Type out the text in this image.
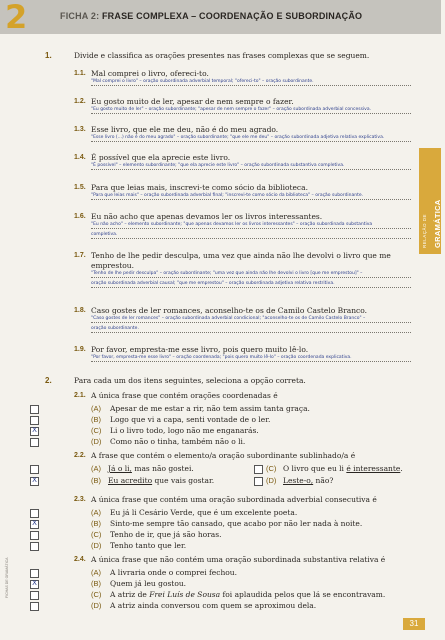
2	FICHA 2: FRASE COMPLEXA – COORDENAÇÃO E SUBORDINAÇÃO
RELAÇÃO DE GRAMÁTICA
FICHAS DE GRAMÁTICA
31
1.	Divide e classifica as orações presentes nas frases complexas que se seguem.
1.1. Mal comprei o livro, ofereci-to.
"Mal comprei o livro" – oração subordinada adverbial temporal; "ofereci-to" – oração subordinante.
1.2. Eu gosto muito de ler, apesar de nem sempre o fazer.
"Eu gosto muito de ler" – oração subordinante; "apesar de nem sempre o fazer" – oração subordinada adverbial concessiva.
1.3. Esse livro, que ele me deu, não é do meu agrado.
"Esse livro (...) não é do meu agrado" – oração subordinante; "que ele me deu" – oração subordinada adjetiva relativa explicativa.
1.4. É possível que ela aprecie este livro.
"É possível" – elemento subordinante; "que ela aprecie este livro" – oração subordinada substantiva completiva.
1.5. Para que leias mais, inscrevi-te como sócio da biblioteca.
"Para que leias mais" – oração subordinada adverbial final; "inscrevi-te como sócio da biblioteca" – oração subordinante.
1.6. Eu não acho que apenas devamos ler os livros interessantes.
"Eu não acho" – elemento subordinante; "que apenas devamos ler os livros interessantes" – oração subordinada substantiva
completiva.
1.7. Tenho de lhe pedir desculpa, uma vez que ainda não lhe devolvi o livro que me
emprestou.
"Tenho de lhe pedir desculpa" – oração subordinante; "uma vez que ainda não lhe devolvi o livro [que me emprestou]" –
oração subordinada adverbial causal; "que me emprestou" – oração subordinada adjetiva relativa restritiva.
1.8. Caso gostes de ler romances, aconselho-te os de Camilo Castelo Branco.
"Caso gostes de ler romances" – oração subordinada adverbial condicional; "aconselho-te os de Camilo Castelo Branco" –
oração subordinante.
1.9. Por favor, empresta-me esse livro, pois quero muito lê-lo.
"Por favor, empresta-me esse livro" – oração coordenada; "pois quero muito lê-lo" – oração coordenada explicativa.
2.	Para cada um dos itens seguintes, seleciona a opção correta.
2.1. A única frase que contém orações coordenadas é
(A) Apesar de me estar a rir, não tem assim tanta graça.
(B) Logo que vi a capa, senti vontade de o ler.
X	(C) Li o livro todo, logo não me enganarás.
(D) Como não o tinha, também não o li.
2.2. A frase que contém o elemento/a oração subordinante sublinhado/a é
(A) Já o li, mas não gostei.	(C) O livro que eu li é interessante.
X	(B) Eu acredito que vais gostar.	(D) Leste-o, não?
2.3. A única frase que contém uma oração subordinada adverbial consecutiva é
(A) Eu já li Cesário Verde, que é um excelente poeta.
X	(B) Sinto-me sempre tão cansado, que acabo por não ler nada à noite.
(C) Tenho de ir, que já são horas.
(D) Tenho tanto que ler.
2.4. A única frase que não contém uma oração subordinada substantiva relativa é
(A) A livraria onde o comprei fechou.
X	(B) Quem já leu gostou.
(C) A atriz de Frei Luís de Sousa foi aplaudida pelos que lá se encontravam.
(D) A atriz ainda conversou com quem se aproximou dela.
